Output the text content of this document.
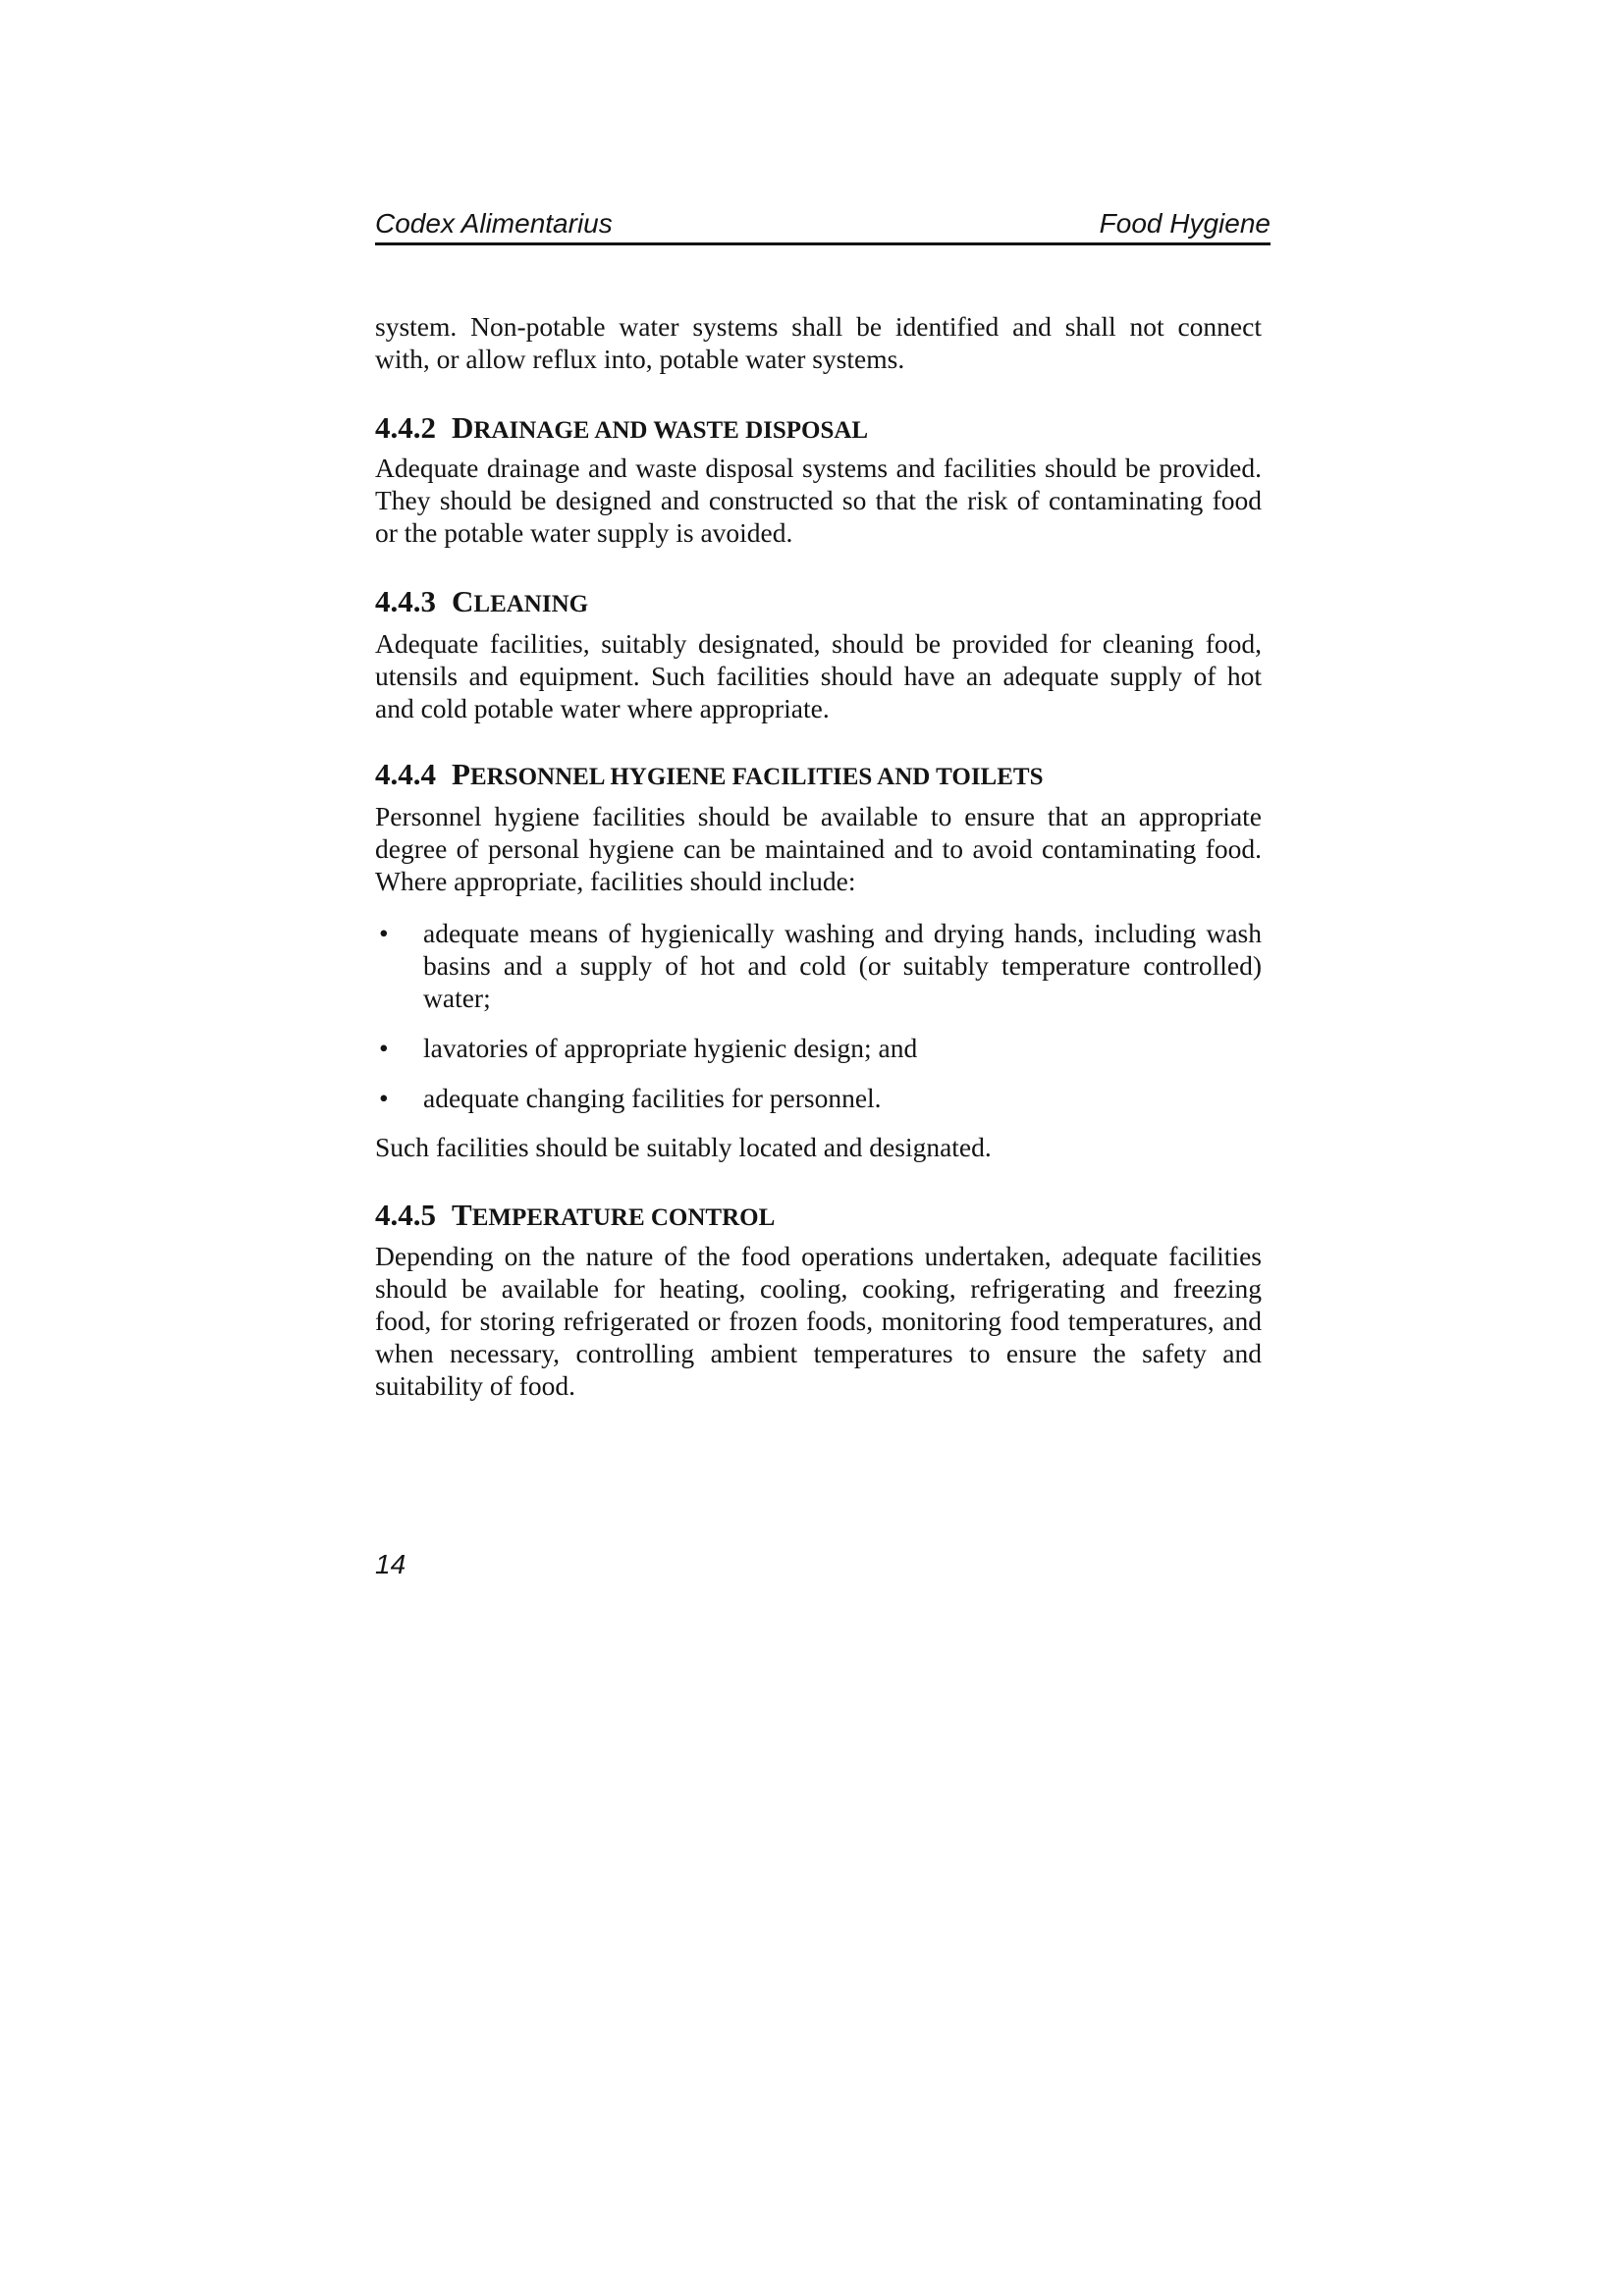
Codex Alimentarius	Food Hygiene
system. Non-potable water systems shall be identified and shall not connect
with, or allow reflux into, potable water systems.
4.4.2 DRAINAGE AND WASTE DISPOSAL
Adequate drainage and waste disposal systems and facilities should be provided.
They should be designed and constructed so that the risk of contaminating food
or the potable water supply is avoided.
4.4.3 CLEANING
Adequate facilities, suitably designated, should be provided for cleaning food,
utensils and equipment. Such facilities should have an adequate supply of hot
and cold potable water where appropriate.
4.4.4 PERSONNEL HYGIENE FACILITIES AND TOILETS
Personnel hygiene facilities should be available to ensure that an appropriate
degree of personal hygiene can be maintained and to avoid contaminating food.
Where appropriate, facilities should include:
• adequate means of hygienically washing and drying hands, including wash
basins and a supply of hot and cold (or suitably temperature controlled)
water;
• lavatories of appropriate hygienic design; and
• adequate changing facilities for personnel.
Such facilities should be suitably located and designated.
4.4.5 TEMPERATURE CONTROL
Depending on the nature of the food operations undertaken, adequate facilities
should be available for heating, cooling, cooking, refrigerating and freezing
food, for storing refrigerated or frozen foods, monitoring food temperatures, and
when necessary, controlling ambient temperatures to ensure the safety and
suitability of food.
14
